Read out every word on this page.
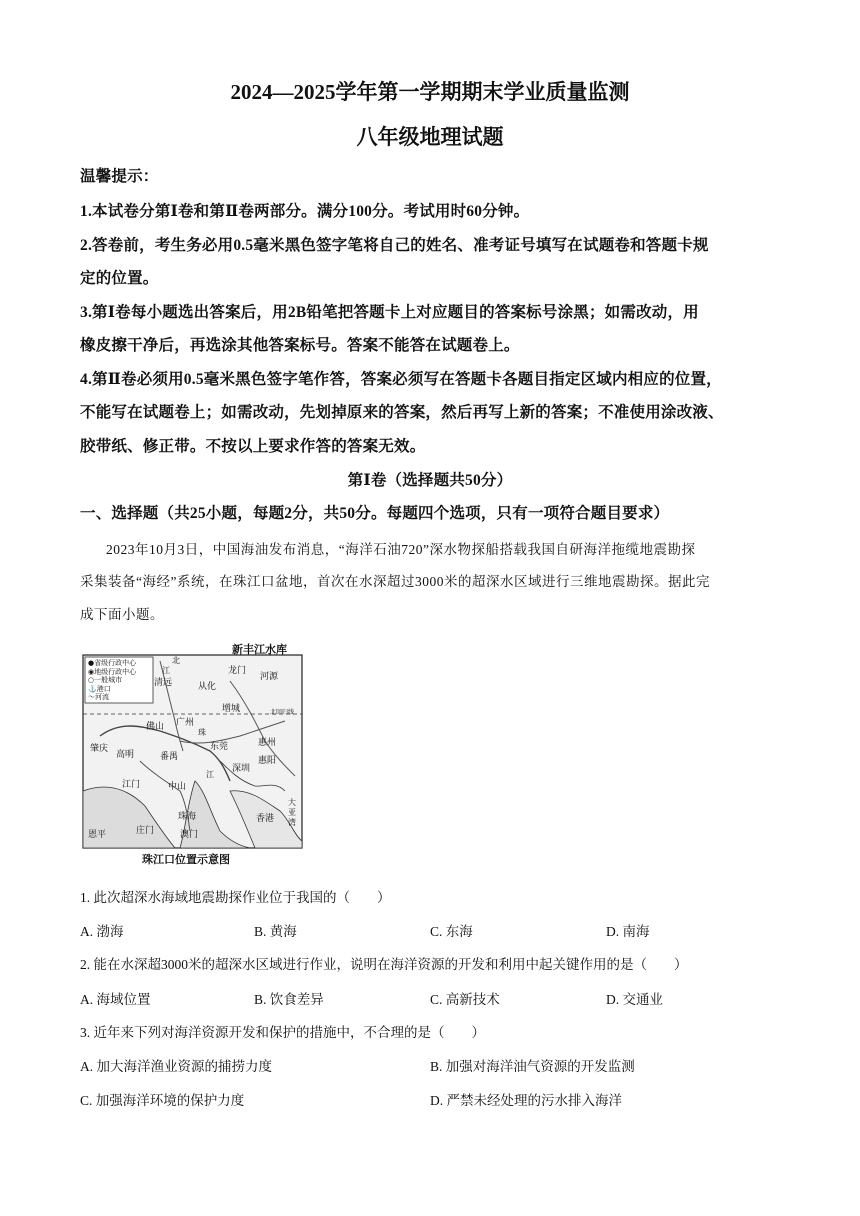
2024—2025学年第一学期期末学业质量监测
八年级地理试题
温馨提示：
1.本试卷分第Ⅰ卷和第Ⅱ卷两部分。满分100分。考试用时60分钟。
2.答卷前，考生务必用0.5毫米黑色签字笔将自己的姓名、准考证号填写在试题卷和答题卡规
定的位置。
3.第Ⅰ卷每小题选出答案后，用2B铅笔把答题卡上对应题目的答案标号涂黑；如需改动，用
橡皮擦干净后，再选涂其他答案标号。答案不能答在试题卷上。
4.第Ⅱ卷必须用0.5毫米黑色签字笔作答，答案必须写在答题卡各题目指定区域内相应的位置，
不能写在试题卷上；如需改动，先划掉原来的答案，然后再写上新的答案；不准使用涂改液、
胶带纸、修正带。不按以上要求作答的答案无效。
第Ⅰ卷（选择题共50分）
一、选择题（共25小题，每题2分，共50分。每题四个选项，只有一项符合题目要求）
2023年10月3日，中国海油发布消息，“海洋石油720”深水物探船搭载我国自研海洋拖缆地震勘探
采集装备“海经”系统，在珠江口盆地，首次在水深超过3000米的超深水区域进行三维地震勘探。据此完
成下面小题。
新丰江水库
●省级行政中心
◉地级行政中心
○一般城市
⚓港口
〜河流
龙门
河源
清远	从化
增城
佛山 广州
东莞	惠州
肇庆
高明	番禺	惠阳
江门	中山
深圳
珠海	香港
澳门
恩平	庄门
北
江
珠
江
大
亚
湾
北回归线
珠江口位置示意图
1. 此次超深水海域地震勘探作业位于我国的（　　）
A. 渤海	B. 黄海	C. 东海	D. 南海
2. 能在水深超3000米的超深水区域进行作业，说明在海洋资源的开发和利用中起关键作用的是（　　）
A. 海域位置	B. 饮食差异	C. 高新技术	D. 交通业
3. 近年来下列对海洋资源开发和保护的措施中，不合理的是（　　）
A. 加大海洋渔业资源的捕捞力度	B. 加强对海洋油气资源的开发监测
C. 加强海洋环境的保护力度	D. 严禁未经处理的污水排入海洋
